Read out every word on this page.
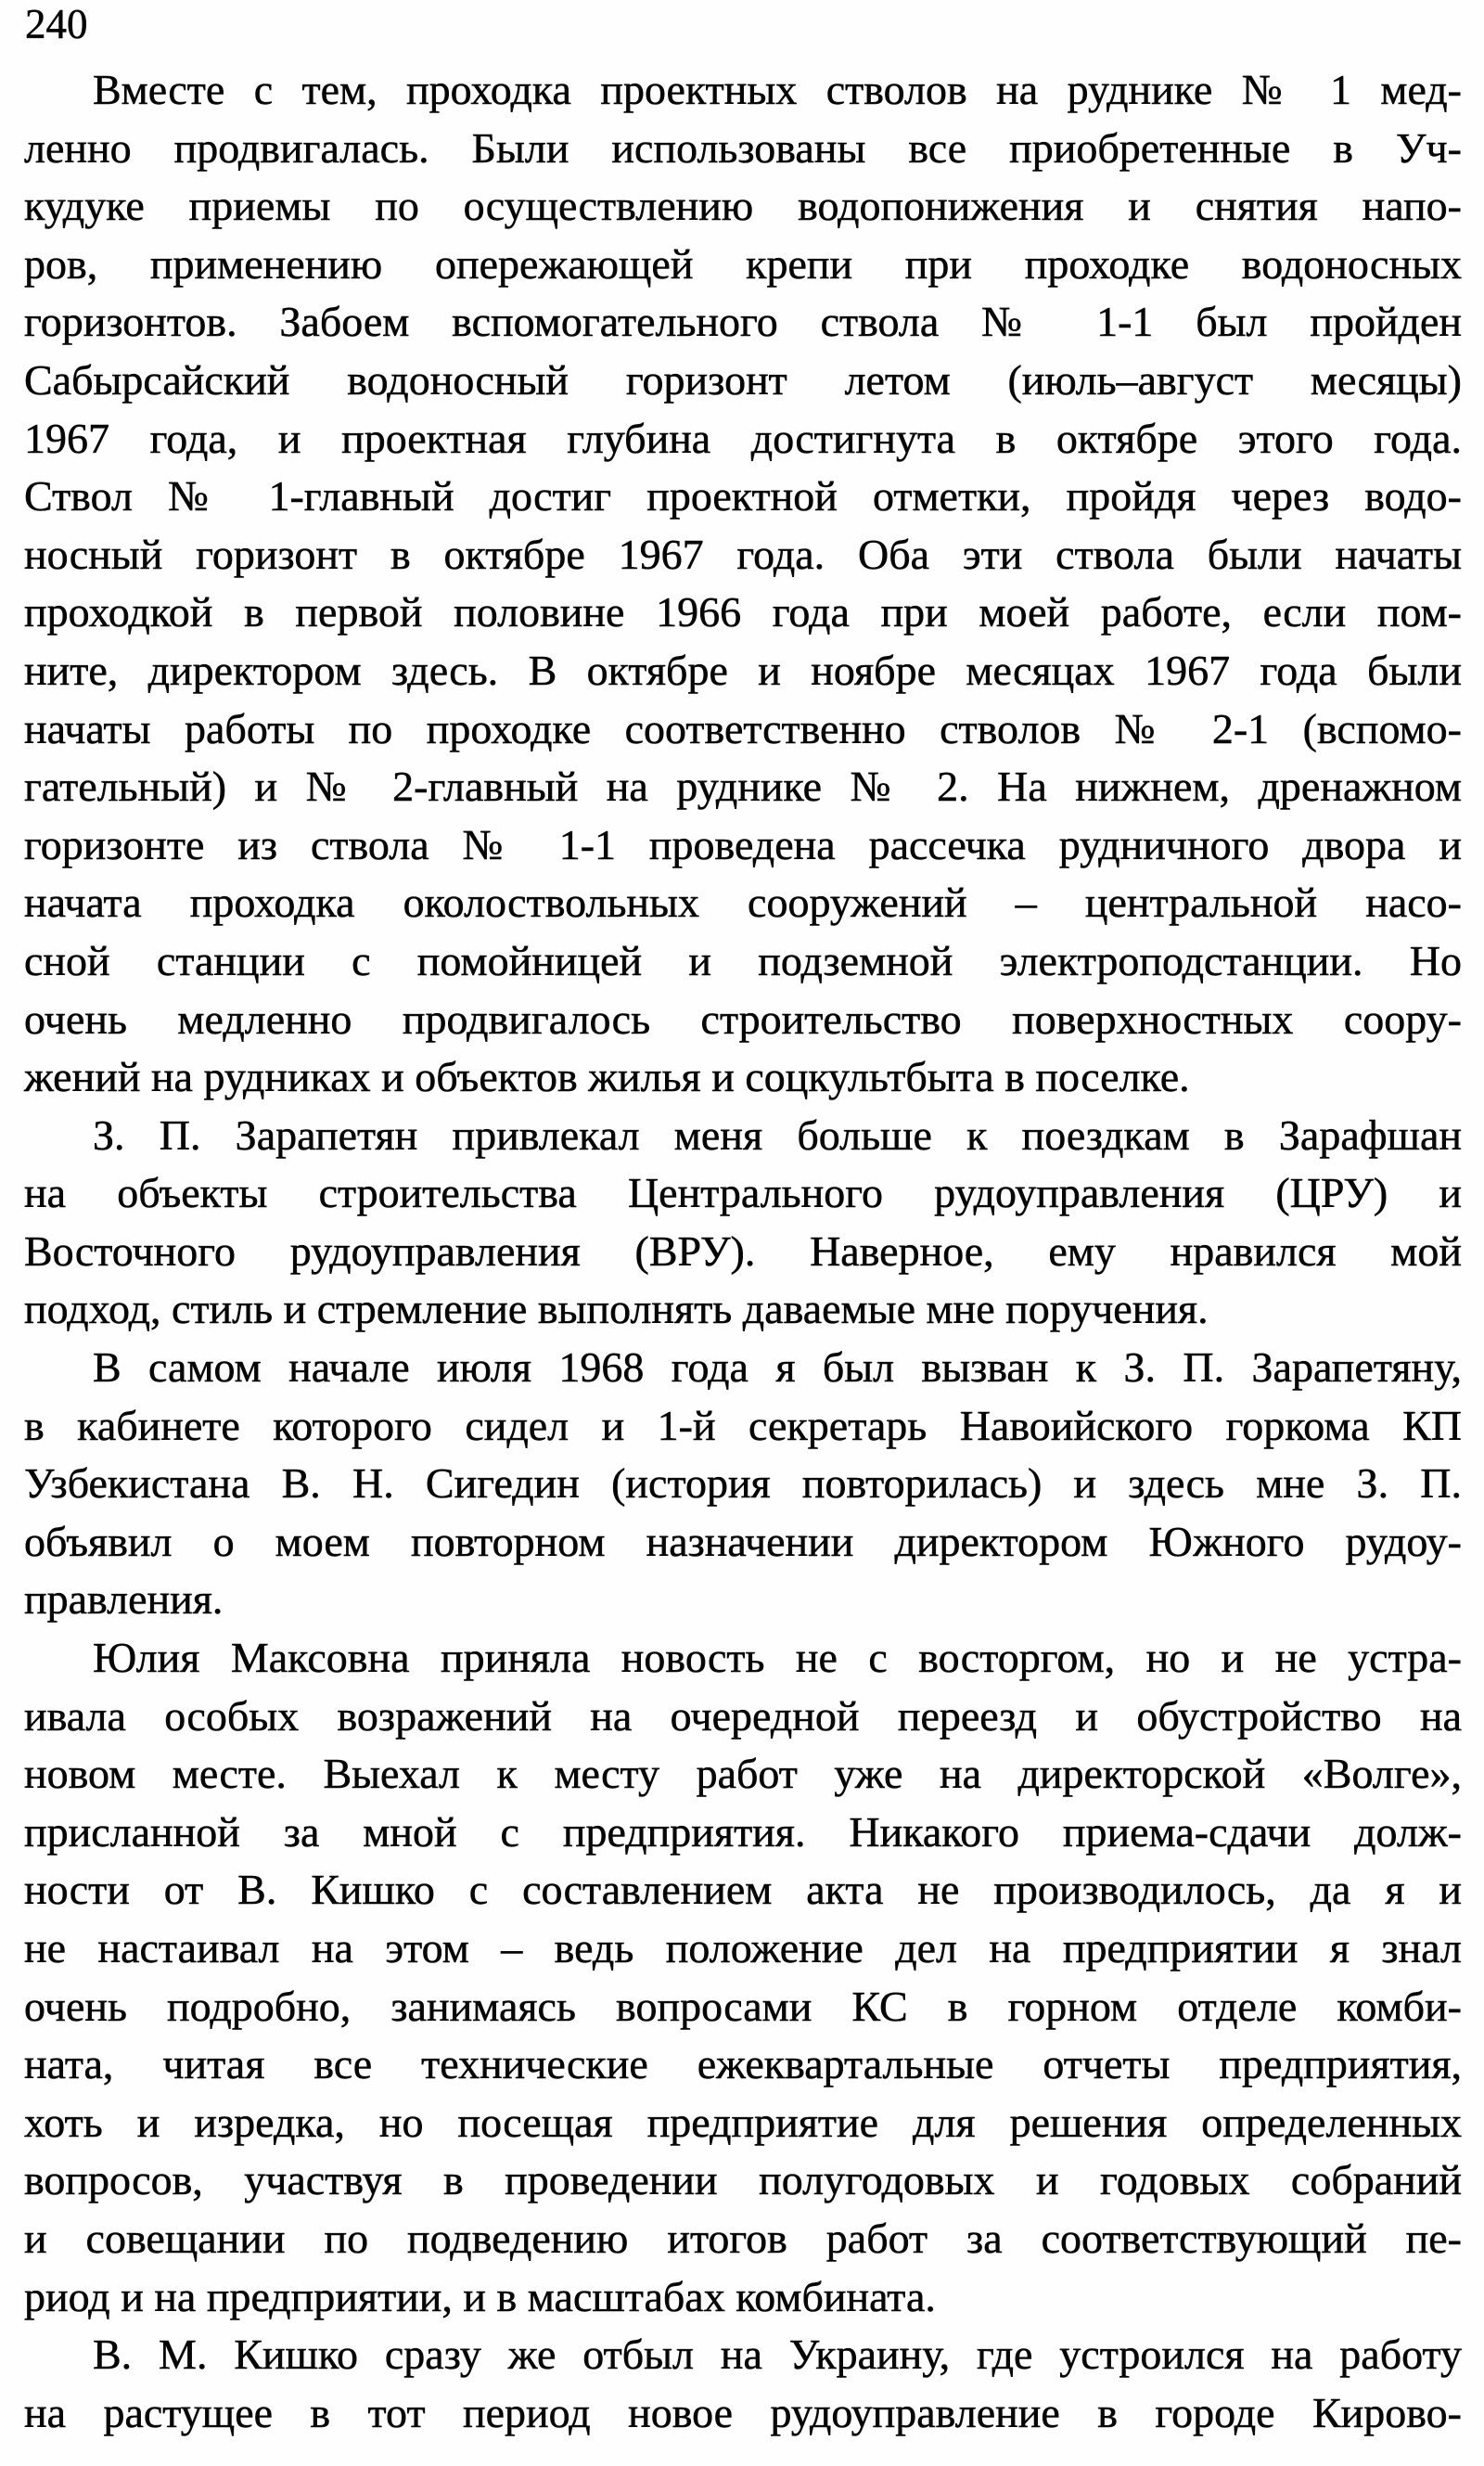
240
Вместе с тем, проходка проектных стволов на руднике № 1 мед-
ленно продвигалась. Были использованы все приобретенные в Уч-
кудуке приемы по осуществлению водопонижения и снятия напо-
ров, применению опережающей крепи при проходке водоносных
горизонтов. Забоем вспомогательного ствола № 1-1 был пройден
Сабырсайский водоносный горизонт летом (июль–август месяцы)
1967 года, и проектная глубина достигнута в октябре этого года.
Ствол № 1-главный достиг проектной отметки, пройдя через водо-
носный горизонт в октябре 1967 года. Оба эти ствола были начаты
проходкой в первой половине 1966 года при моей работе, если пом-
ните, директором здесь. В октябре и ноябре месяцах 1967 года были
начаты работы по проходке соответственно стволов № 2-1 (вспомо-
гательный) и № 2-главный на руднике № 2. На нижнем, дренажном
горизонте из ствола № 1-1 проведена рассечка рудничного двора и
начата проходка околоствольных сооружений – центральной насо-
сной станции с помойницей и подземной электроподстанции. Но
очень медленно продвигалось строительство поверхностных соору-
жений на рудниках и объектов жилья и соцкультбыта в поселке.
З. П. Зарапетян привлекал меня больше к поездкам в Зарафшан
на объекты строительства Центрального рудоуправления (ЦРУ) и
Восточного рудоуправления (ВРУ). Наверное, ему нравился мой
подход, стиль и стремление выполнять даваемые мне поручения.
В самом начале июля 1968 года я был вызван к З. П. Зарапетяну,
в кабинете которого сидел и 1-й секретарь Навоийского горкома КП
Узбекистана В. Н. Сигедин (история повторилась) и здесь мне З. П.
объявил о моем повторном назначении директором Южного рудоу-
правления.
Юлия Максовна приняла новость не с восторгом, но и не устра-
ивала особых возражений на очередной переезд и обустройство на
новом месте. Выехал к месту работ уже на директорской «Волге»,
присланной за мной с предприятия. Никакого приема-сдачи долж-
ности от В. Кишко с составлением акта не производилось, да я и
не настаивал на этом – ведь положение дел на предприятии я знал
очень подробно, занимаясь вопросами КС в горном отделе комби-
ната, читая все технические ежеквартальные отчеты предприятия,
хоть и изредка, но посещая предприятие для решения определенных
вопросов, участвуя в проведении полугодовых и годовых собраний
и совещании по подведению итогов работ за соответствующий пе-
риод и на предприятии, и в масштабах комбината.
В. М. Кишко сразу же отбыл на Украину, где устроился на работу
на растущее в тот период новое рудоуправление в городе Кирово-
